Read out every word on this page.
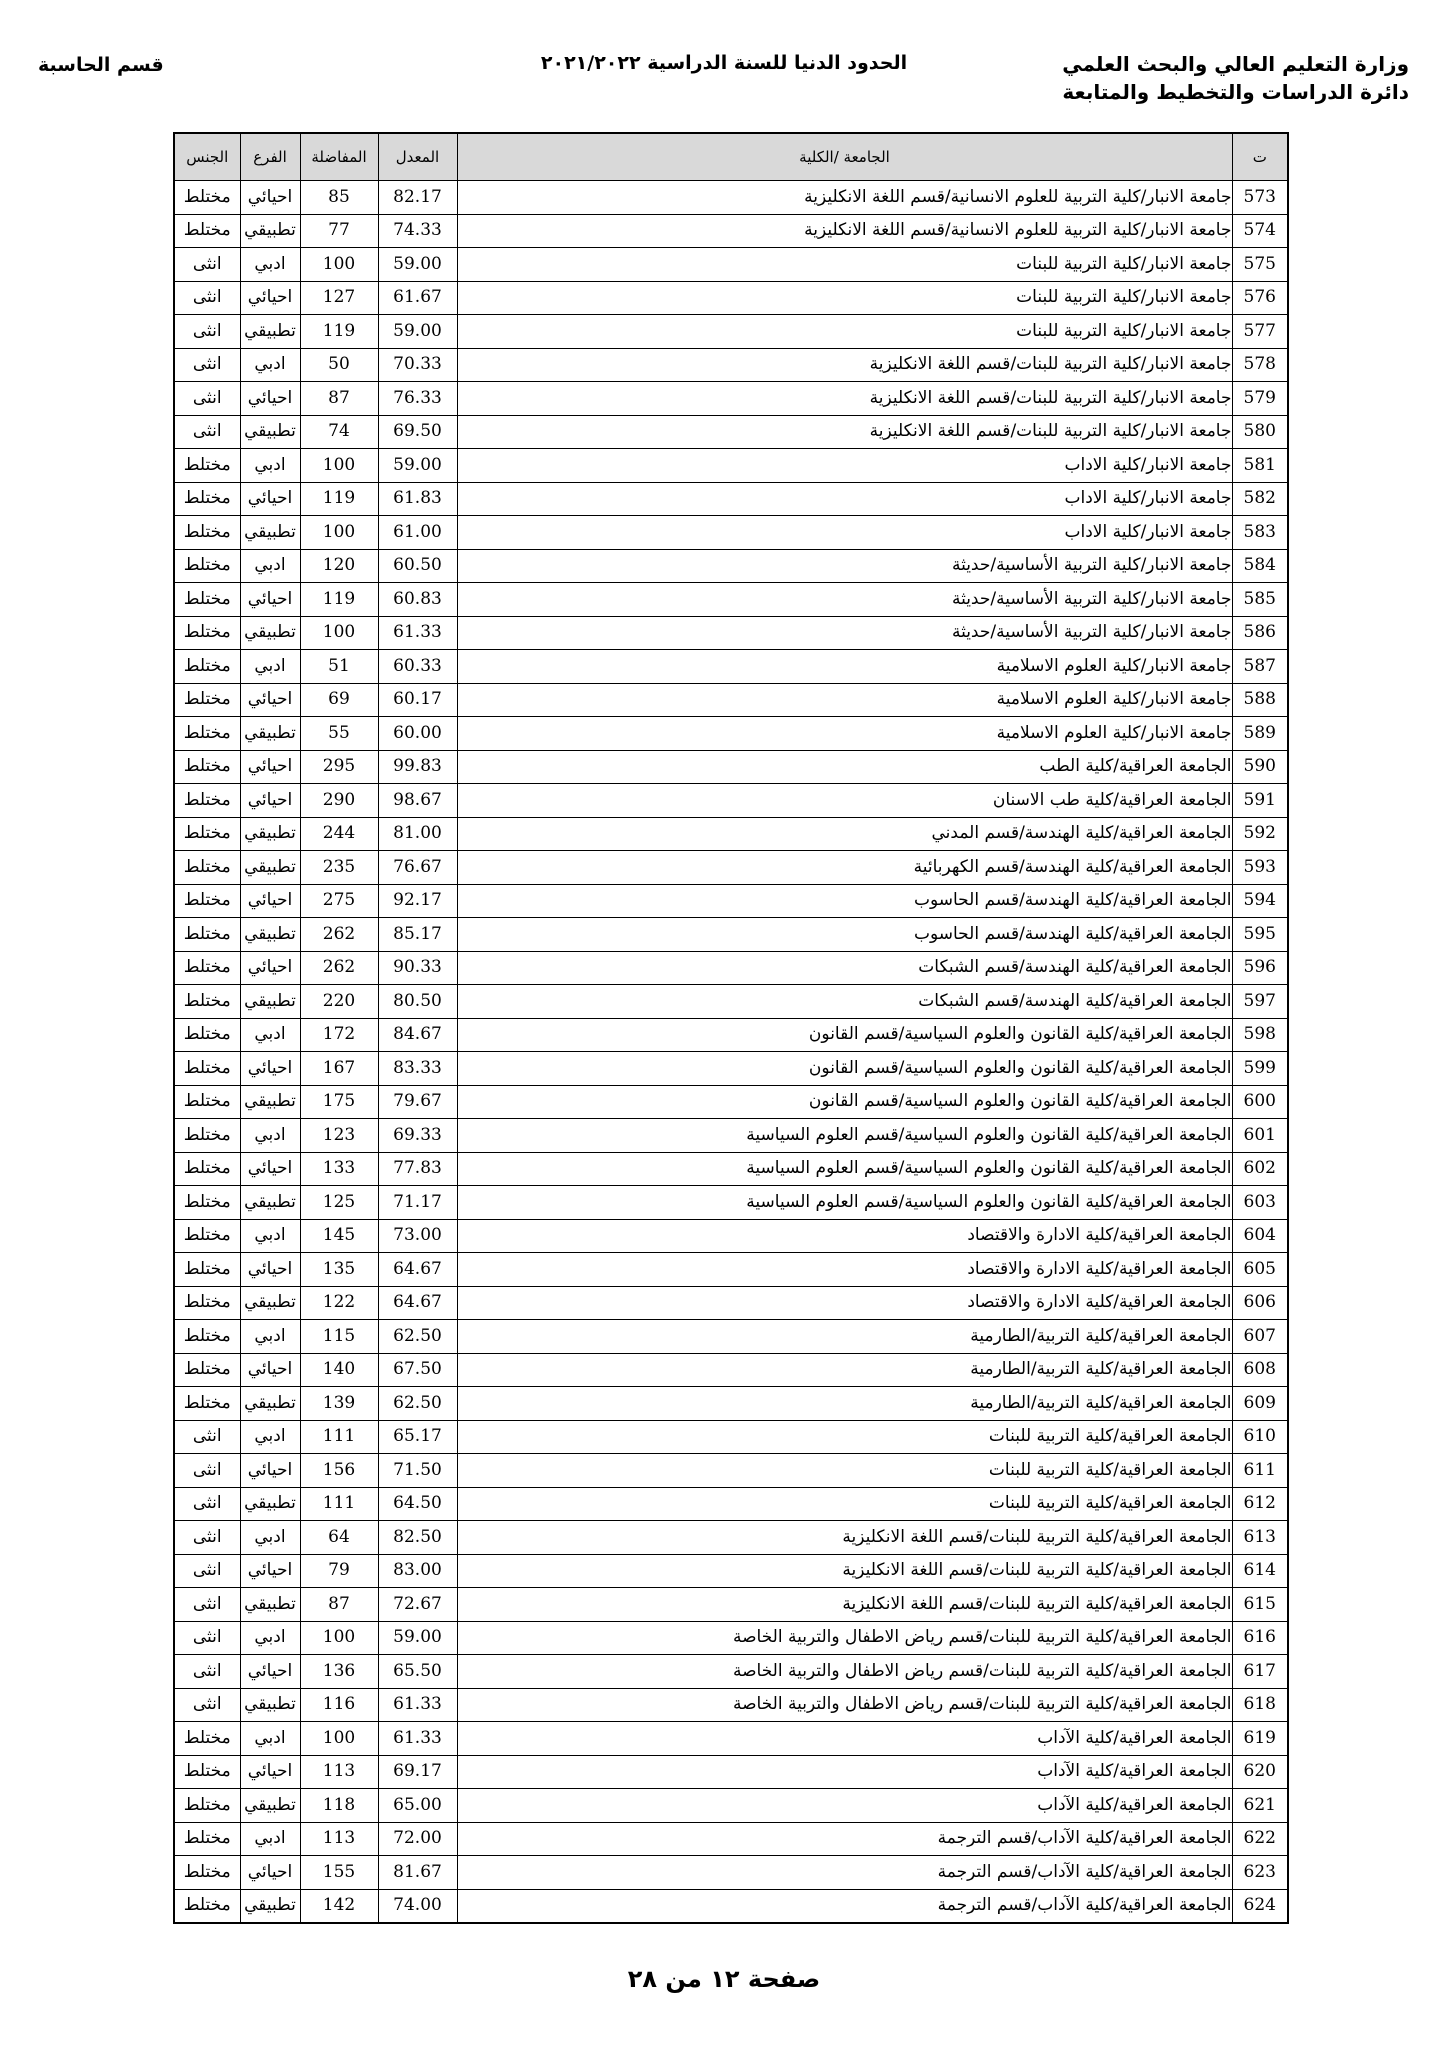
وزارة التعليم العالي والبحث العلمي
دائرة الدراسات والتخطيط والمتابعة
الحدود الدنيا للسنة الدراسية ٢٠٢١/٢٠٢٢
قسم الحاسبة
ت	الجامعة /الكلية	المعدل	المفاضلة	الفرع	الجنس
573	جامعة الانبار/كلية التربية للعلوم الانسانية/قسم اللغة الانكليزية	82.17	85	احيائي	مختلط
574	جامعة الانبار/كلية التربية للعلوم الانسانية/قسم اللغة الانكليزية	74.33	77	تطبيقي	مختلط
575	جامعة الانبار/كلية التربية للبنات	59.00	100	ادبي	انثى
576	جامعة الانبار/كلية التربية للبنات	61.67	127	احيائي	انثى
577	جامعة الانبار/كلية التربية للبنات	59.00	119	تطبيقي	انثى
578	جامعة الانبار/كلية التربية للبنات/قسم اللغة الانكليزية	70.33	50	ادبي	انثى
579	جامعة الانبار/كلية التربية للبنات/قسم اللغة الانكليزية	76.33	87	احيائي	انثى
580	جامعة الانبار/كلية التربية للبنات/قسم اللغة الانكليزية	69.50	74	تطبيقي	انثى
581	جامعة الانبار/كلية الاداب	59.00	100	ادبي	مختلط
582	جامعة الانبار/كلية الاداب	61.83	119	احيائي	مختلط
583	جامعة الانبار/كلية الاداب	61.00	100	تطبيقي	مختلط
584	جامعة الانبار/كلية التربية الأساسية/حديثة	60.50	120	ادبي	مختلط
585	جامعة الانبار/كلية التربية الأساسية/حديثة	60.83	119	احيائي	مختلط
586	جامعة الانبار/كلية التربية الأساسية/حديثة	61.33	100	تطبيقي	مختلط
587	جامعة الانبار/كلية العلوم الاسلامية	60.33	51	ادبي	مختلط
588	جامعة الانبار/كلية العلوم الاسلامية	60.17	69	احيائي	مختلط
589	جامعة الانبار/كلية العلوم الاسلامية	60.00	55	تطبيقي	مختلط
590	الجامعة العراقية/كلية الطب	99.83	295	احيائي	مختلط
591	الجامعة العراقية/كلية طب الاسنان	98.67	290	احيائي	مختلط
592	الجامعة العراقية/كلية الهندسة/قسم المدني	81.00	244	تطبيقي	مختلط
593	الجامعة العراقية/كلية الهندسة/قسم الكهربائية	76.67	235	تطبيقي	مختلط
594	الجامعة العراقية/كلية الهندسة/قسم الحاسوب	92.17	275	احيائي	مختلط
595	الجامعة العراقية/كلية الهندسة/قسم الحاسوب	85.17	262	تطبيقي	مختلط
596	الجامعة العراقية/كلية الهندسة/قسم الشبكات	90.33	262	احيائي	مختلط
597	الجامعة العراقية/كلية الهندسة/قسم الشبكات	80.50	220	تطبيقي	مختلط
598	الجامعة العراقية/كلية القانون والعلوم السياسية/قسم القانون	84.67	172	ادبي	مختلط
599	الجامعة العراقية/كلية القانون والعلوم السياسية/قسم القانون	83.33	167	احيائي	مختلط
600	الجامعة العراقية/كلية القانون والعلوم السياسية/قسم القانون	79.67	175	تطبيقي	مختلط
601	الجامعة العراقية/كلية القانون والعلوم السياسية/قسم العلوم السياسية	69.33	123	ادبي	مختلط
602	الجامعة العراقية/كلية القانون والعلوم السياسية/قسم العلوم السياسية	77.83	133	احيائي	مختلط
603	الجامعة العراقية/كلية القانون والعلوم السياسية/قسم العلوم السياسية	71.17	125	تطبيقي	مختلط
604	الجامعة العراقية/كلية الادارة والاقتصاد	73.00	145	ادبي	مختلط
605	الجامعة العراقية/كلية الادارة والاقتصاد	64.67	135	احيائي	مختلط
606	الجامعة العراقية/كلية الادارة والاقتصاد	64.67	122	تطبيقي	مختلط
607	الجامعة العراقية/كلية التربية/الطارمية	62.50	115	ادبي	مختلط
608	الجامعة العراقية/كلية التربية/الطارمية	67.50	140	احيائي	مختلط
609	الجامعة العراقية/كلية التربية/الطارمية	62.50	139	تطبيقي	مختلط
610	الجامعة العراقية/كلية التربية للبنات	65.17	111	ادبي	انثى
611	الجامعة العراقية/كلية التربية للبنات	71.50	156	احيائي	انثى
612	الجامعة العراقية/كلية التربية للبنات	64.50	111	تطبيقي	انثى
613	الجامعة العراقية/كلية التربية للبنات/قسم اللغة الانكليزية	82.50	64	ادبي	انثى
614	الجامعة العراقية/كلية التربية للبنات/قسم اللغة الانكليزية	83.00	79	احيائي	انثى
615	الجامعة العراقية/كلية التربية للبنات/قسم اللغة الانكليزية	72.67	87	تطبيقي	انثى
616	الجامعة العراقية/كلية التربية للبنات/قسم رياض الاطفال والتربية الخاصة	59.00	100	ادبي	انثى
617	الجامعة العراقية/كلية التربية للبنات/قسم رياض الاطفال والتربية الخاصة	65.50	136	احيائي	انثى
618	الجامعة العراقية/كلية التربية للبنات/قسم رياض الاطفال والتربية الخاصة	61.33	116	تطبيقي	انثى
619	الجامعة العراقية/كلية الآداب	61.33	100	ادبي	مختلط
620	الجامعة العراقية/كلية الآداب	69.17	113	احيائي	مختلط
621	الجامعة العراقية/كلية الآداب	65.00	118	تطبيقي	مختلط
622	الجامعة العراقية/كلية الآداب/قسم الترجمة	72.00	113	ادبي	مختلط
623	الجامعة العراقية/كلية الآداب/قسم الترجمة	81.67	155	احيائي	مختلط
624	الجامعة العراقية/كلية الآداب/قسم الترجمة	74.00	142	تطبيقي	مختلط
صفحة ١٢ من ٢٨
